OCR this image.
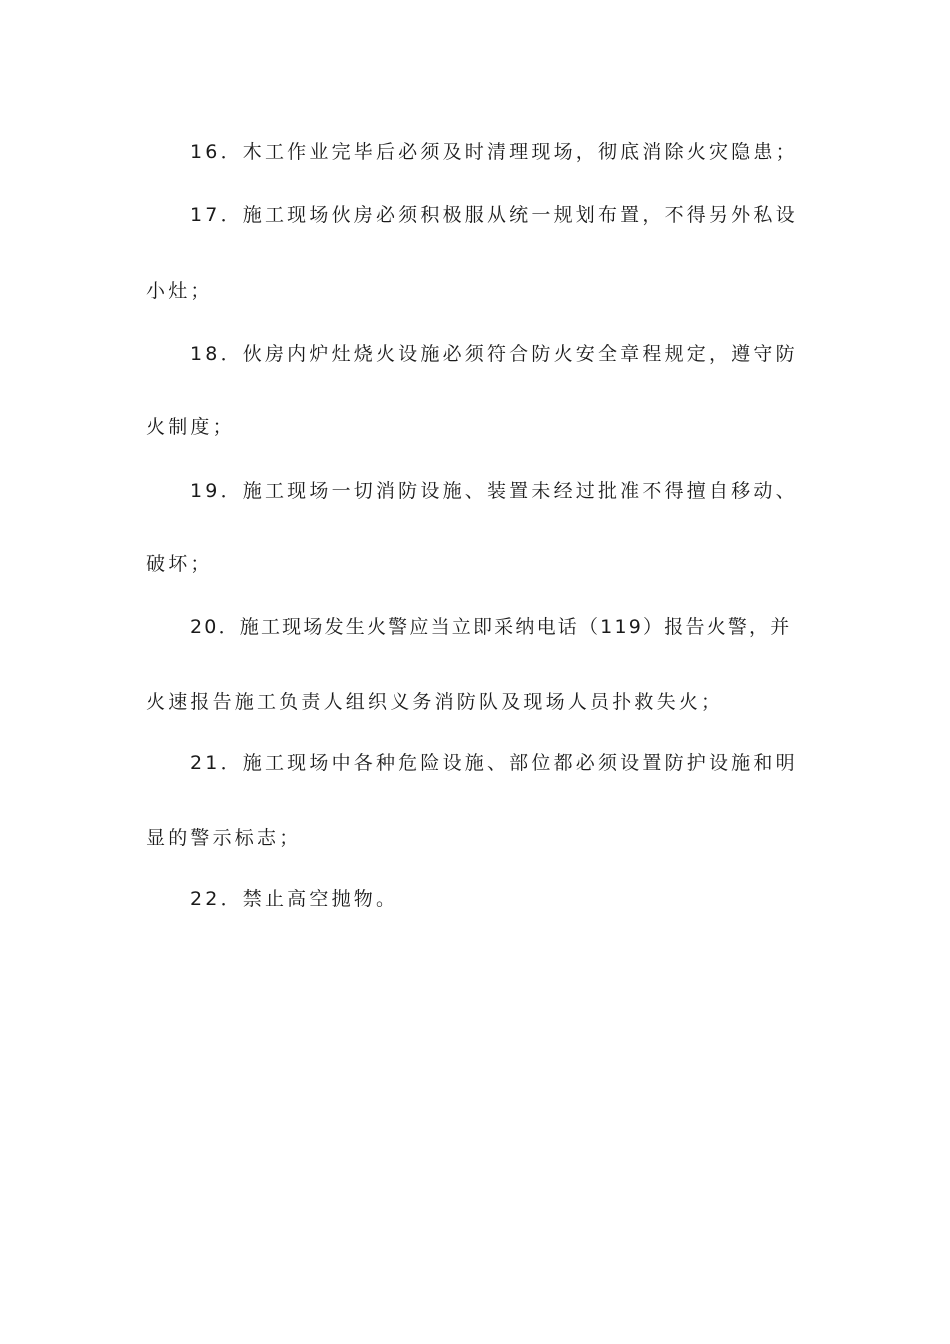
16．木工作业完毕后必须及时清理现场，彻底消除火灾隐患；
17．施工现场伙房必须积极服从统一规划布置，不得另外私设
小灶；
18．伙房内炉灶烧火设施必须符合防火安全章程规定，遵守防
火制度；
19．施工现场一切消防设施、装置未经过批准不得擅自移动、
破坏；
20．施工现场发生火警应当立即采纳电话（119）报告火警，并
火速报告施工负责人组织义务消防队及现场人员扑救失火；
21．施工现场中各种危险设施、部位都必须设置防护设施和明
显的警示标志；
22．禁止高空抛物。
